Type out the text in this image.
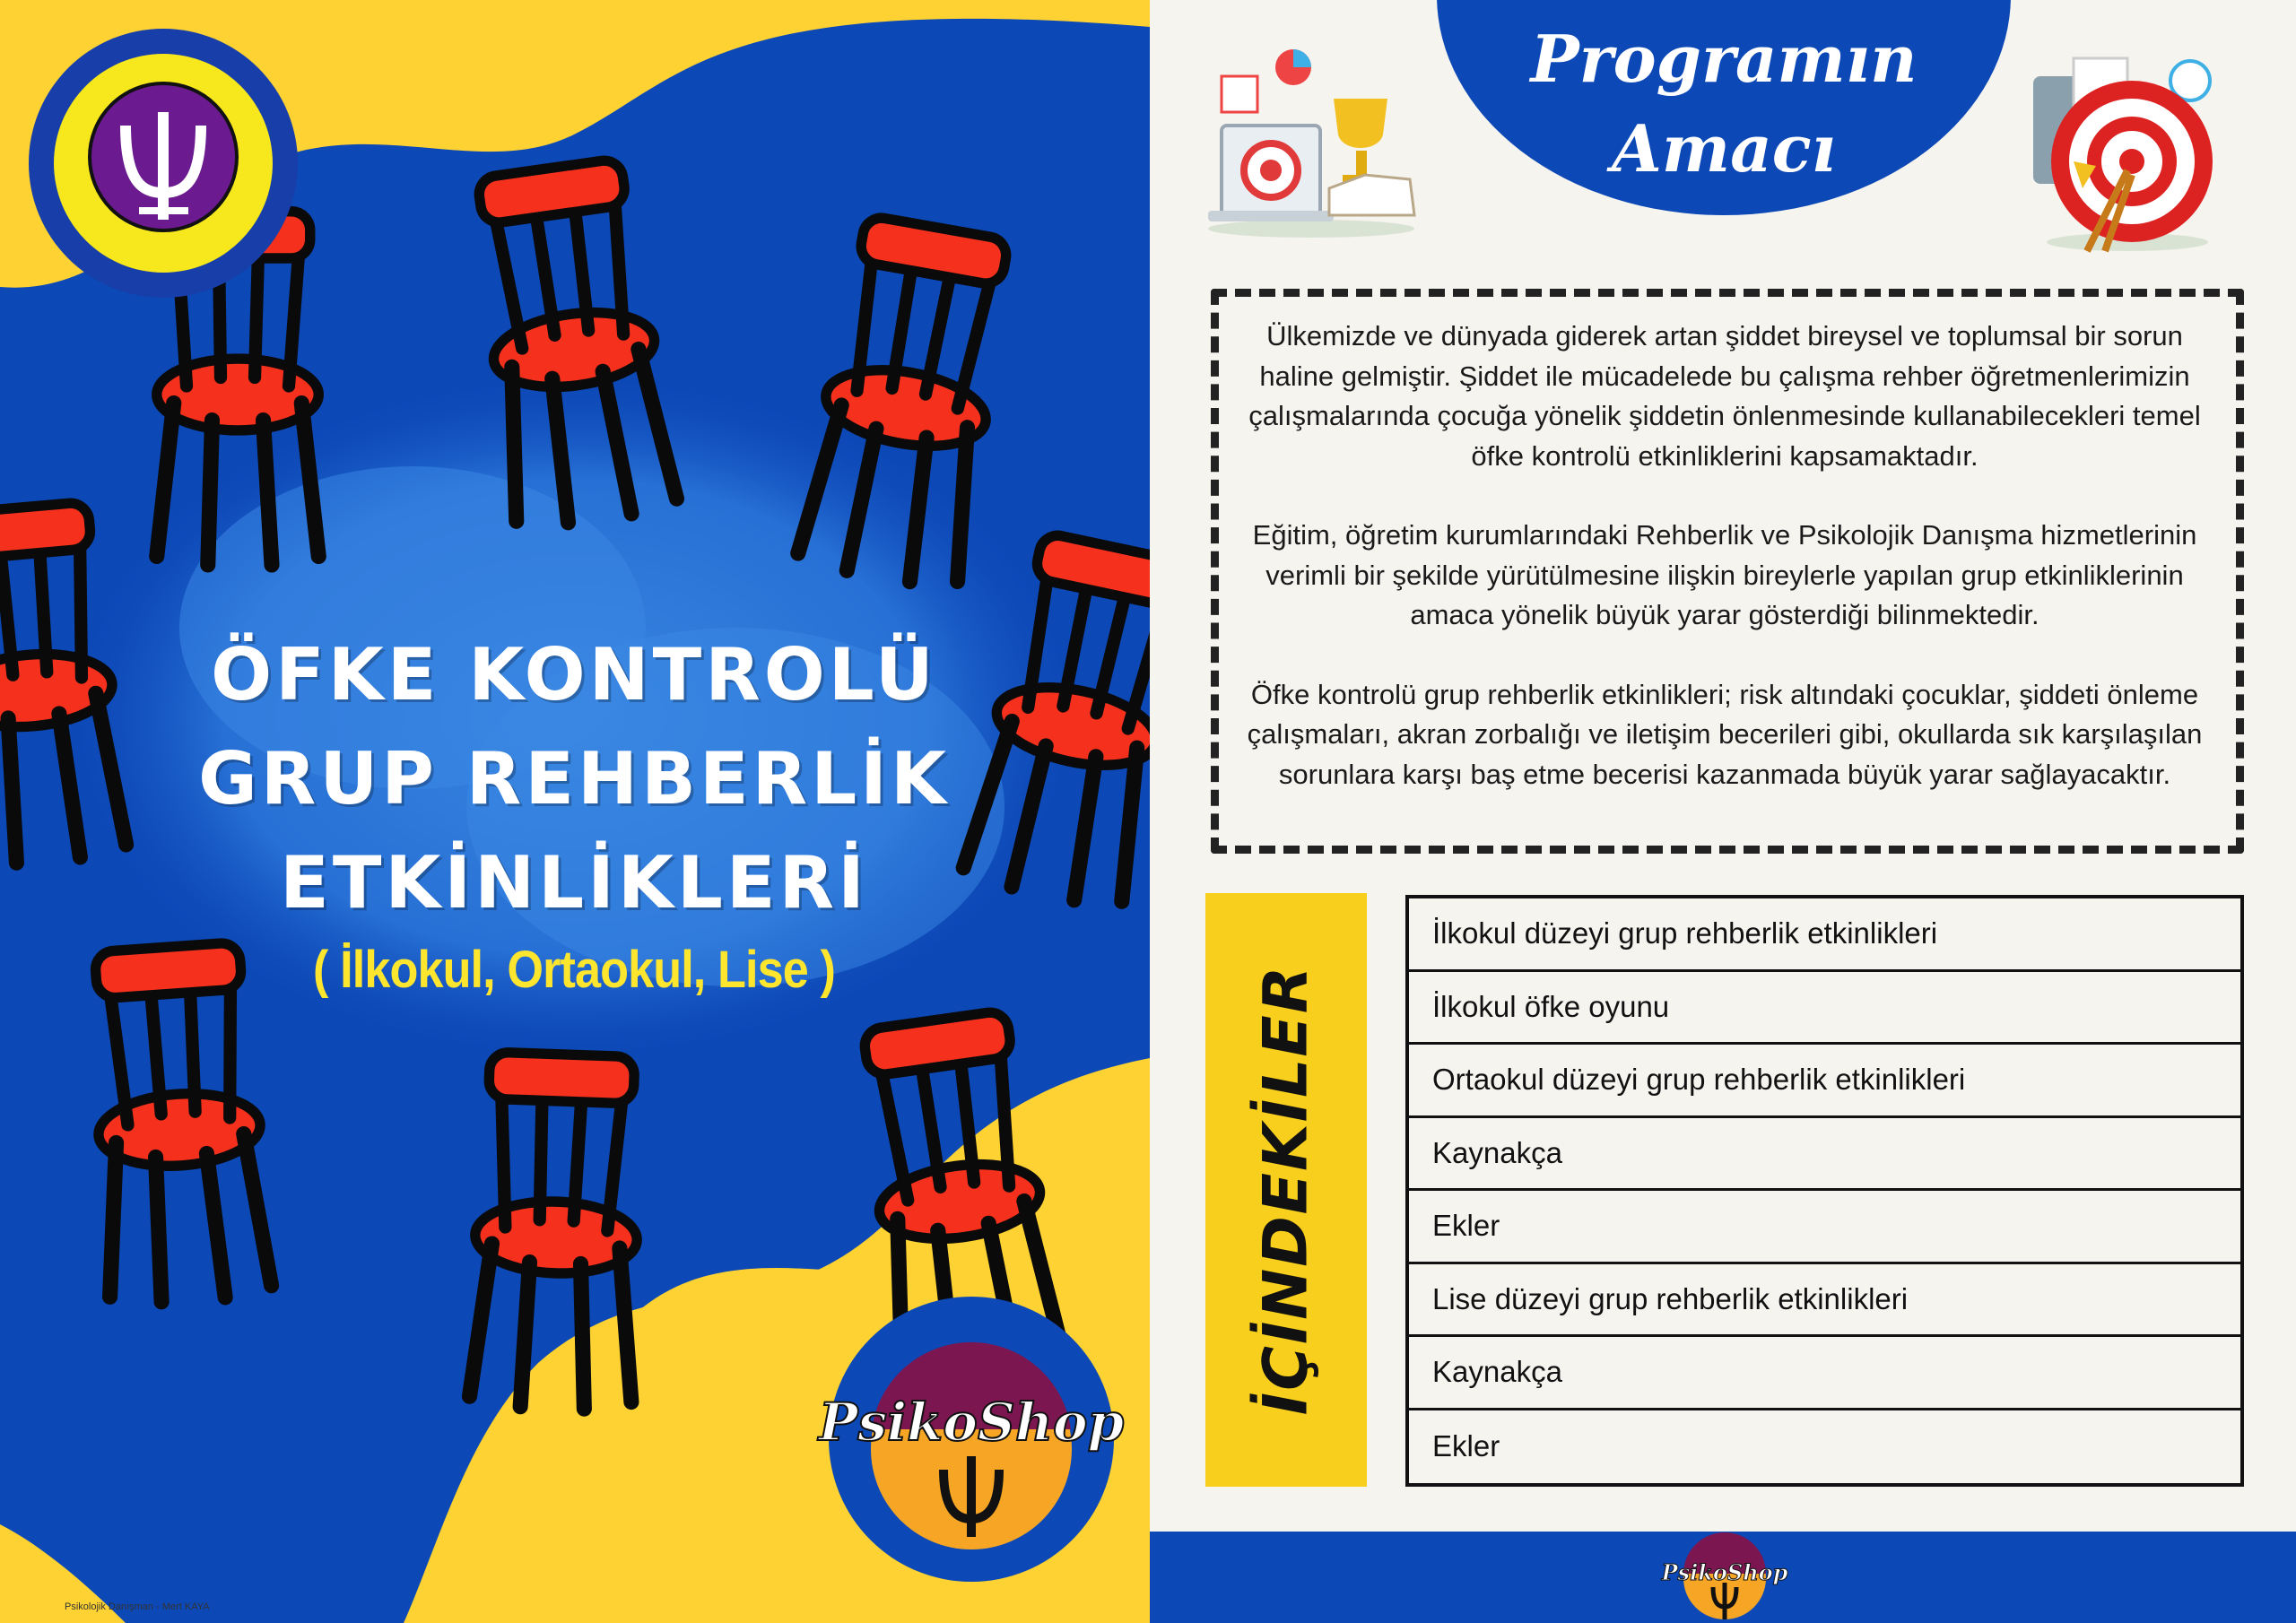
ÖFKE KONTROLÜ
GRUP REHBERLİK
ETKİNLİKLERİ
( İlkokul, Ortaokul, Lise )
PsikoShop
Psikolojik Danışman - Mert KAYA
Programın
Amacı

Ülkemizde ve dünyada giderek artan şiddet bireysel ve toplumsal bir sorun haline gelmiştir. Şiddet ile mücadelede bu çalışma rehber öğretmenlerimizin çalışmalarında çocuğa yönelik şiddetin önlenmesinde kullanabilecekleri temel öfke kontrolü etkinliklerini kapsamaktadır.

Eğitim, öğretim kurumlarındaki Rehberlik ve Psikolojik Danışma hizmetlerinin verimli bir şekilde yürütülmesine ilişkin bireylerle yapılan grup etkinliklerinin amaca yönelik büyük yarar gösterdiği bilinmektedir.

Öfke kontrolü grup rehberlik etkinlikleri; risk altındaki çocuklar, şiddeti önleme çalışmaları, akran zorbalığı ve iletişim becerileri gibi, okullarda sık karşılaşılan sorunlara karşı baş etme becerisi kazanmada büyük yarar sağlayacaktır.

İÇİNDEKİLER
İlkokul düzeyi grup rehberlik etkinlikleri
İlkokul öfke oyunu
Ortaokul düzeyi grup rehberlik etkinlikleri
Kaynakça
Ekler
Lise düzeyi grup rehberlik etkinlikleri
Kaynakça
Ekler
PsikoShop
